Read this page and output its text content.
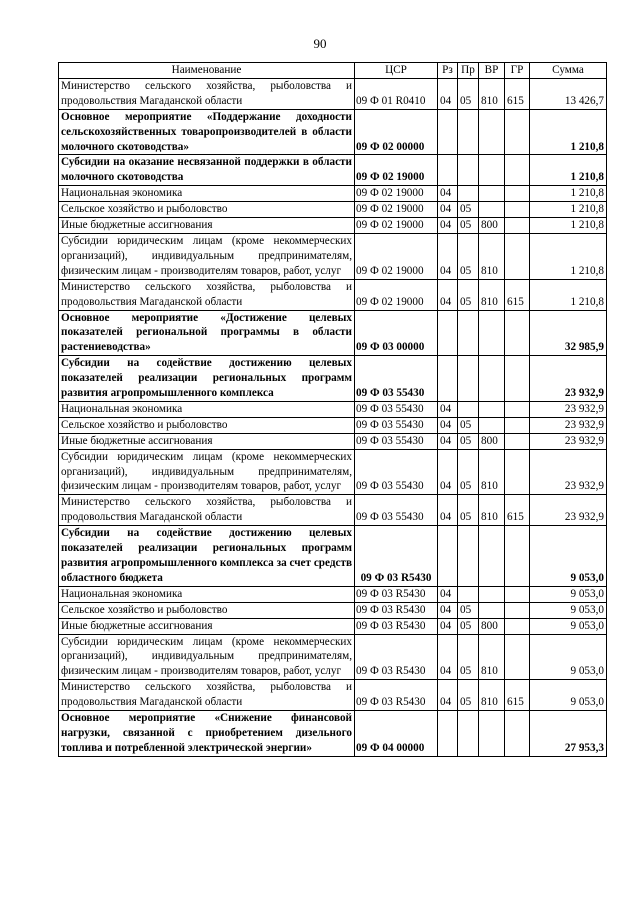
90
Наименование	ЦСР	Рз	Пр	ВР	ГР	Сумма
Министерство сельского хозяйства, рыболовства и продовольствия Магаданской области	09 Ф 01 R0410	04	05	810	615	13 426,7
Основное мероприятие «Поддержание доходности сельскохозяйственных товаропроизводителей в области молочного скотоводства»	09 Ф 02 00000					1 210,8
Субсидии на оказание несвязанной поддержки в области молочного скотоводства	09 Ф 02 19000					1 210,8
Национальная экономика	09 Ф 02 19000	04				1 210,8
Сельское хозяйство и рыболовство	09 Ф 02 19000	04	05			1 210,8
Иные бюджетные ассигнования	09 Ф 02 19000	04	05	800		1 210,8
Субсидии юридическим лицам (кроме некоммерческих организаций), индивидуальным предпринимателям, физическим лицам - производителям товаров, работ, услуг	09 Ф 02 19000	04	05	810		1 210,8
Министерство сельского хозяйства, рыболовства и продовольствия Магаданской области	09 Ф 02 19000	04	05	810	615	1 210,8
Основное мероприятие «Достижение целевых показателей региональной программы в области растениеводства»	09 Ф 03 00000					32 985,9
Субсидии на содействие достижению целевых показателей реализации региональных программ развития агропромышленного комплекса	09 Ф 03 55430					23 932,9
Национальная экономика	09 Ф 03 55430	04				23 932,9
Сельское хозяйство и рыболовство	09 Ф 03 55430	04	05			23 932,9
Иные бюджетные ассигнования	09 Ф 03 55430	04	05	800		23 932,9
Субсидии юридическим лицам (кроме некоммерческих организаций), индивидуальным предпринимателям, физическим лицам - производителям товаров, работ, услуг	09 Ф 03 55430	04	05	810		23 932,9
Министерство сельского хозяйства, рыболовства и продовольствия Магаданской области	09 Ф 03 55430	04	05	810	615	23 932,9
Субсидии на содействие достижению целевых показателей реализации региональных программ развития агропромышленного комплекса за счет средств областного бюджета	09 Ф 03 R5430					9 053,0
Национальная экономика	09 Ф 03 R5430	04				9 053,0
Сельское хозяйство и рыболовство	09 Ф 03 R5430	04	05			9 053,0
Иные бюджетные ассигнования	09 Ф 03 R5430	04	05	800		9 053,0
Субсидии юридическим лицам (кроме некоммерческих организаций), индивидуальным предпринимателям, физическим лицам - производителям товаров, работ, услуг	09 Ф 03 R5430	04	05	810		9 053,0
Министерство сельского хозяйства, рыболовства и продовольствия Магаданской области	09 Ф 03 R5430	04	05	810	615	9 053,0
Основное мероприятие «Снижение финансовой нагрузки, связанной с приобретением дизельного топлива и потребленной электрической энергии»	09 Ф 04 00000					27 953,3
